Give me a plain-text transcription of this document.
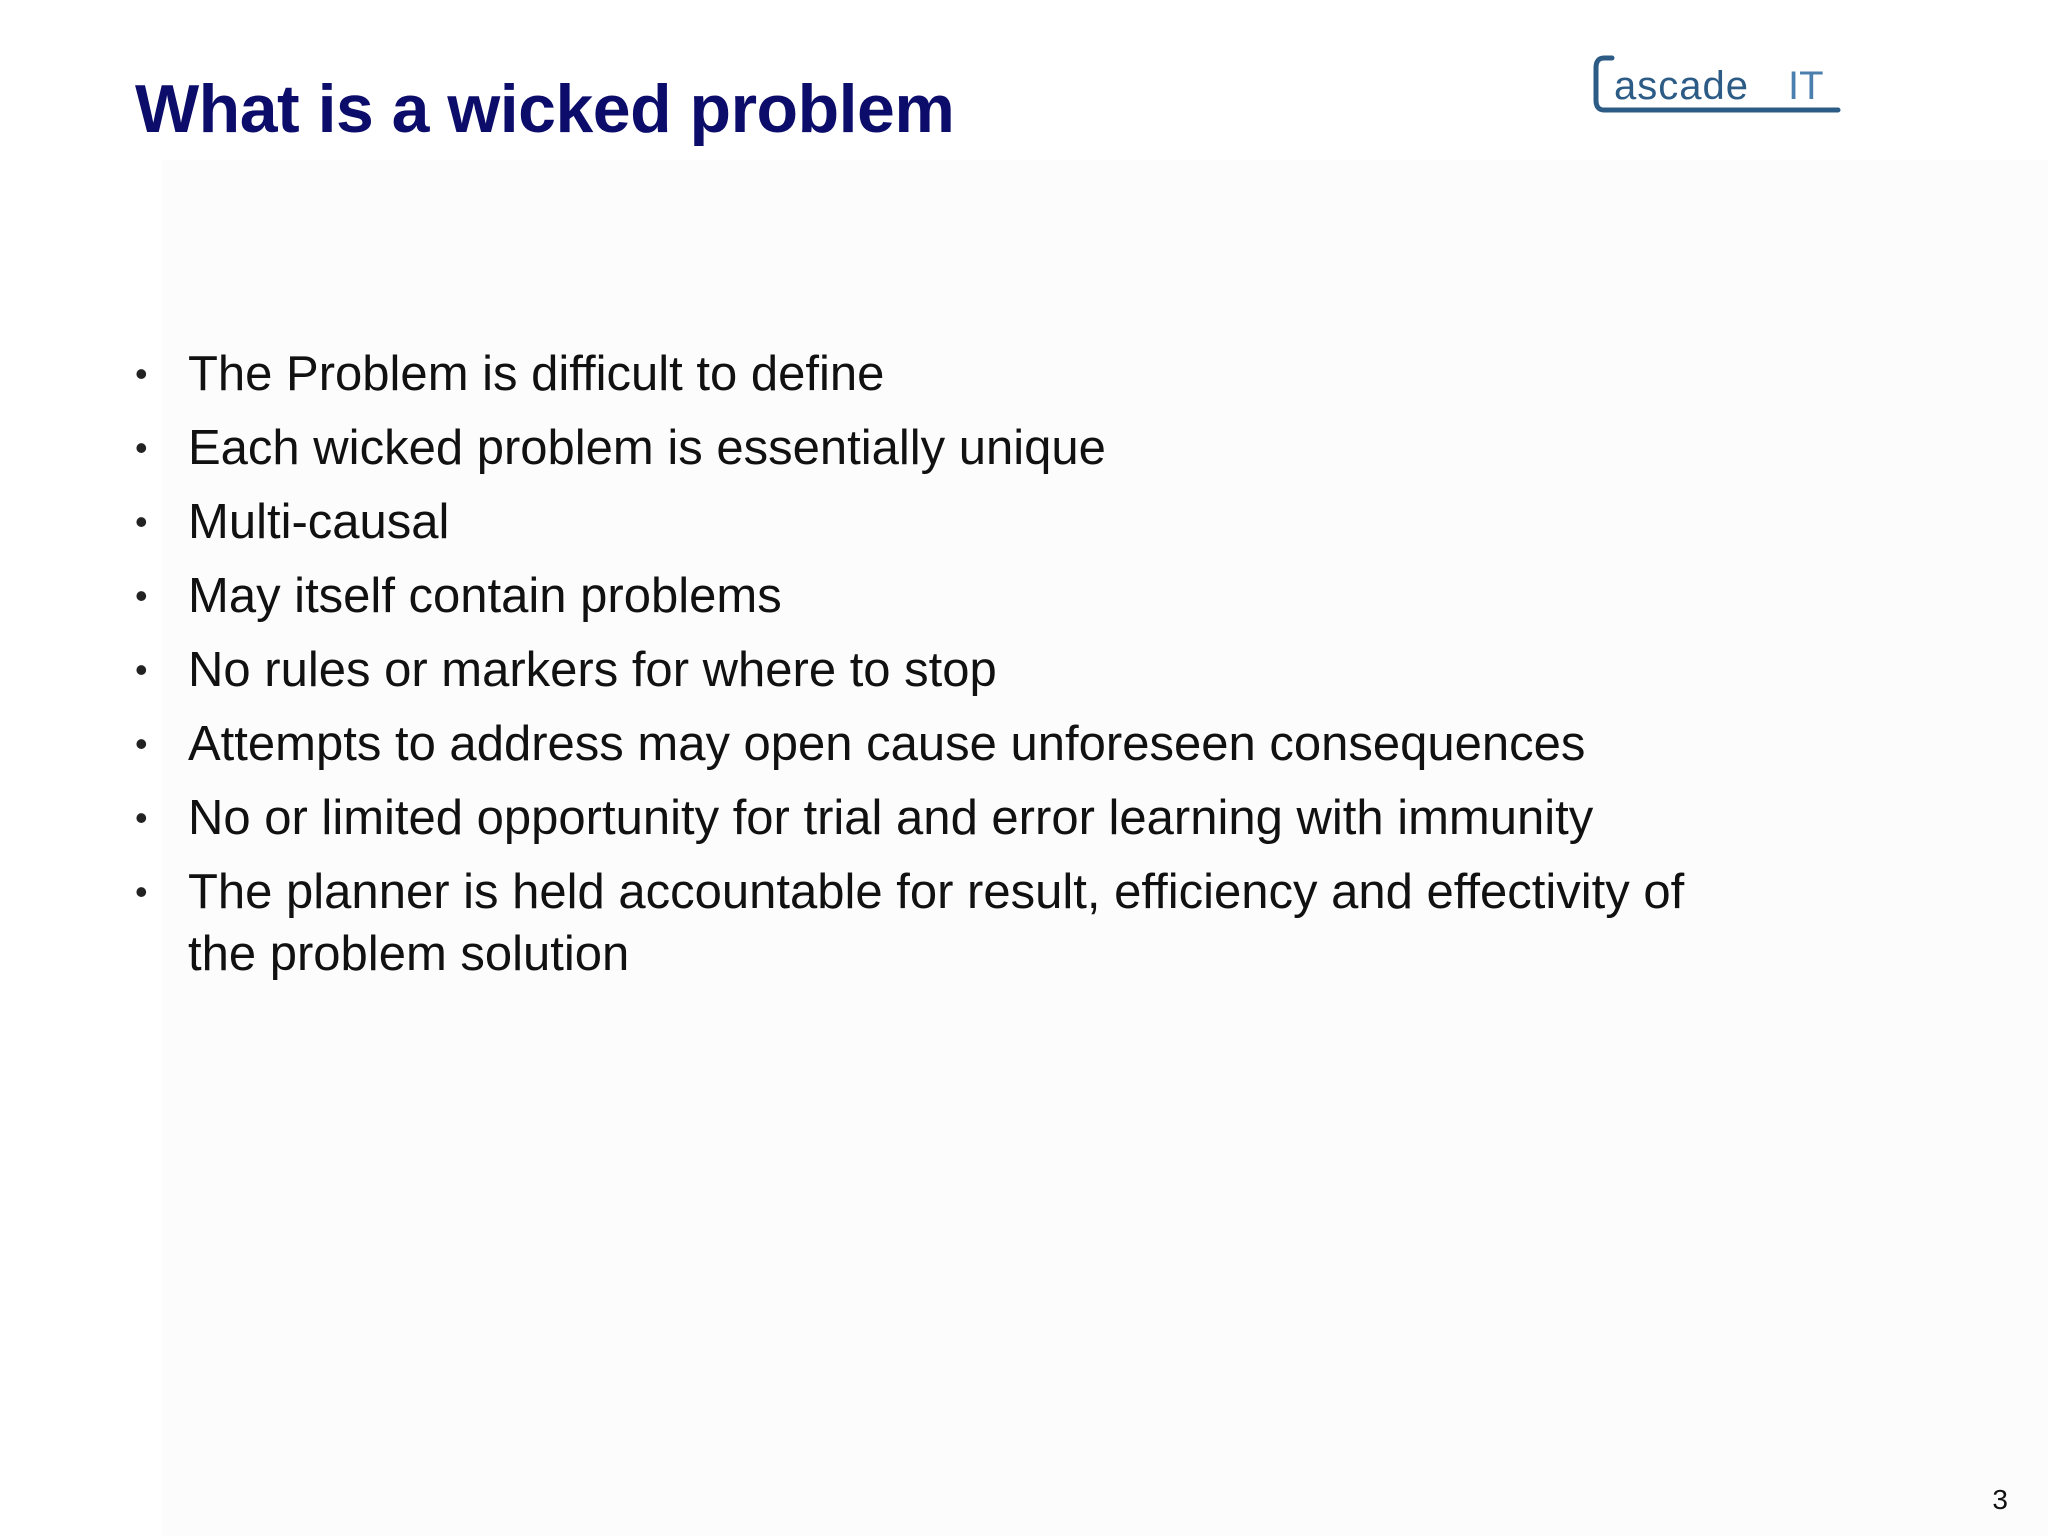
What is a wicked problem	ascade IT
• The Problem is difficult to define
• Each wicked problem is essentially unique
• Multi-causal
• May itself contain problems
• No rules or markers for where to stop
• Attempts to address may open cause unforeseen consequences
• No or limited opportunity for trial and error learning with immunity
• The planner is held accountable for result, efficiency and effectivity of the problem solution
3
